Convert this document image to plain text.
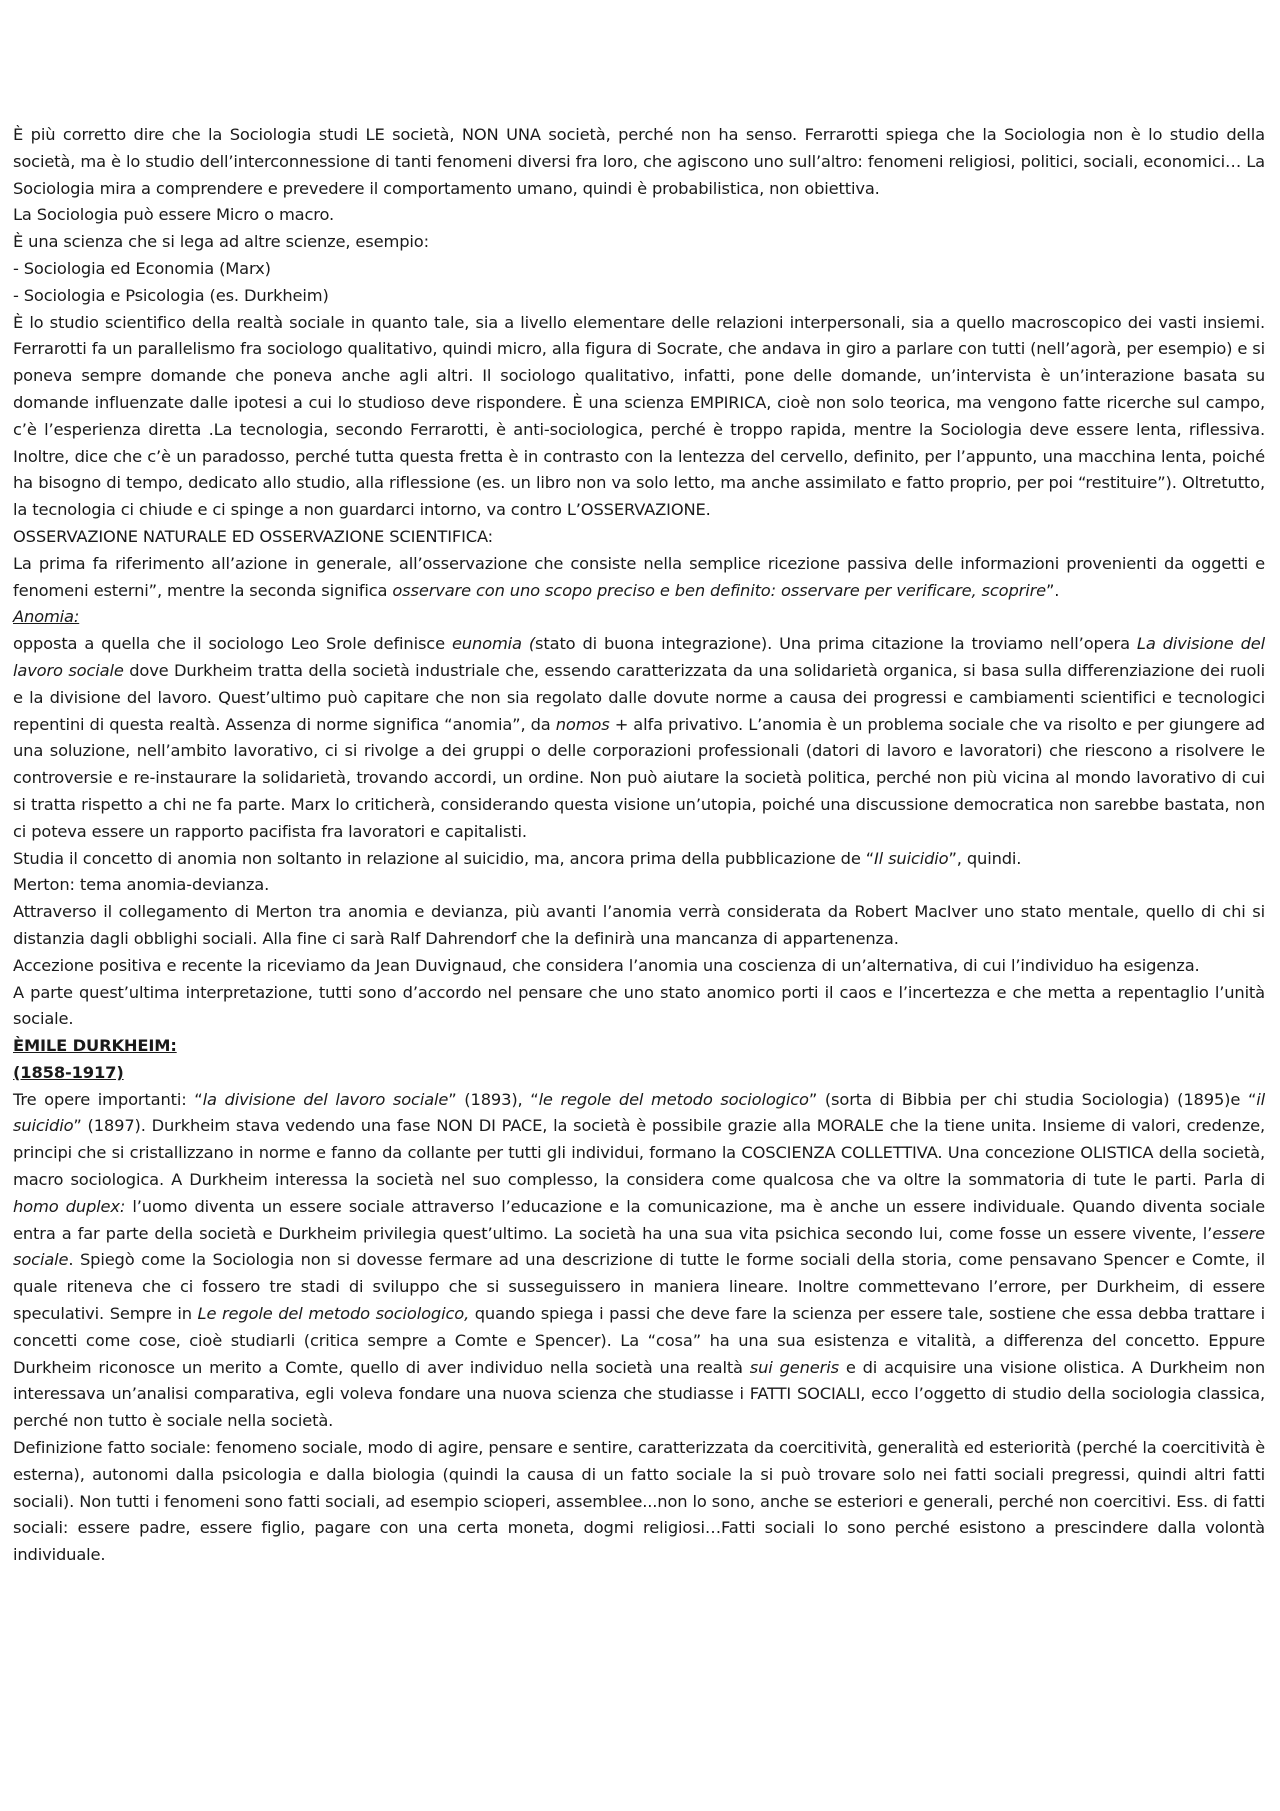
È più corretto dire che la Sociologia studi LE società, NON UNA società, perché non ha senso. Ferrarotti spiega che la Sociologia non è lo studio della società, ma è lo studio dell’interconnessione di tanti fenomeni diversi fra loro, che agiscono uno sull’altro: fenomeni religiosi, politici, sociali, economici… La Sociologia mira a comprendere e prevedere il comportamento umano, quindi è probabilistica, non obiettiva.

La Sociologia può essere Micro o macro.

È una scienza che si lega ad altre scienze, esempio:

- Sociologia ed Economia (Marx)

- Sociologia e Psicologia (es. Durkheim)

È lo studio scientifico della realtà sociale in quanto tale, sia a livello elementare delle relazioni interpersonali, sia a quello macroscopico dei vasti insiemi. Ferrarotti fa un parallelismo fra sociologo qualitativo, quindi micro, alla figura di Socrate, che andava in giro a parlare con tutti (nell’agorà, per esempio) e si poneva sempre domande che poneva anche agli altri. Il sociologo qualitativo, infatti, pone delle domande, un’intervista è un’interazione basata su domande influenzate dalle ipotesi a cui lo studioso deve rispondere. È una scienza EMPIRICA, cioè non solo teorica, ma vengono fatte ricerche sul campo, c’è l’esperienza diretta .La tecnologia, secondo Ferrarotti, è anti-sociologica, perché è troppo rapida, mentre la Sociologia deve essere lenta, riflessiva. Inoltre, dice che c’è un paradosso, perché tutta questa fretta è in contrasto con la lentezza del cervello, definito, per l’appunto, una macchina lenta, poiché ha bisogno di tempo, dedicato allo studio, alla riflessione (es. un libro non va solo letto, ma anche assimilato e fatto proprio, per poi “restituire”). Oltretutto, la tecnologia ci chiude e ci spinge a non guardarci intorno, va contro L’OSSERVAZIONE.

OSSERVAZIONE NATURALE ED OSSERVAZIONE SCIENTIFICA:

La prima fa riferimento all’azione in generale, all’osservazione che consiste nella semplice ricezione passiva delle informazioni provenienti da oggetti e fenomeni esterni”, mentre la seconda significa osservare con uno scopo preciso e ben definito: osservare per verificare, scoprire”.

Anomia:

opposta a quella che il sociologo Leo Srole definisce eunomia (stato di buona integrazione). Una prima citazione la troviamo nell’opera La divisione del lavoro sociale dove Durkheim tratta della società industriale che, essendo caratterizzata da una solidarietà organica, si basa sulla differenziazione dei ruoli e la divisione del lavoro. Quest’ultimo può capitare che non sia regolato dalle dovute norme a causa dei progressi e cambiamenti scientifici e tecnologici repentini di questa realtà. Assenza di norme significa “anomia”, da nomos + alfa privativo. L’anomia è un problema sociale che va risolto e per giungere ad una soluzione, nell’ambito lavorativo, ci si rivolge a dei gruppi o delle corporazioni professionali (datori di lavoro e lavoratori) che riescono a risolvere le controversie e re-instaurare la solidarietà, trovando accordi, un ordine. Non può aiutare la società politica, perché non più vicina al mondo lavorativo di cui si tratta rispetto a chi ne fa parte. Marx lo criticherà, considerando questa visione un’utopia, poiché una discussione democratica non sarebbe bastata, non ci poteva essere un rapporto pacifista fra lavoratori e capitalisti.

Studia il concetto di anomia non soltanto in relazione al suicidio, ma, ancora prima della pubblicazione de “Il suicidio”, quindi.

Merton: tema anomia-devianza.

Attraverso il collegamento di Merton tra anomia e devianza, più avanti l’anomia verrà considerata da Robert MacIver uno stato mentale, quello di chi si distanzia dagli obblighi sociali. Alla fine ci sarà Ralf Dahrendorf che la definirà una mancanza di appartenenza.

Accezione positiva e recente la riceviamo da Jean Duvignaud, che considera l’anomia una coscienza di un’alternativa, di cui l’individuo ha esigenza.

A parte quest’ultima interpretazione, tutti sono d’accordo nel pensare che uno stato anomico porti il caos e l’incertezza e che metta a repentaglio l’unità sociale.

ÈMILE DURKHEIM:

(1858-1917)

Tre opere importanti: “la divisione del lavoro sociale” (1893), “le regole del metodo sociologico” (sorta di Bibbia per chi studia Sociologia) (1895)e “il suicidio” (1897). Durkheim stava vedendo una fase NON DI PACE, la società è possibile grazie alla MORALE che la tiene unita. Insieme di valori, credenze, principi che si cristallizzano in norme e fanno da collante per tutti gli individui, formano la COSCIENZA COLLETTIVA. Una concezione OLISTICA della società, macro sociologica. A Durkheim interessa la società nel suo complesso, la considera come qualcosa che va oltre la sommatoria di tute le parti. Parla di homo duplex: l’uomo diventa un essere sociale attraverso l’educazione e la comunicazione, ma è anche un essere individuale. Quando diventa sociale entra a far parte della società e Durkheim privilegia quest’ultimo. La società ha una sua vita psichica secondo lui, come fosse un essere vivente, l’essere sociale. Spiegò come la Sociologia non si dovesse fermare ad una descrizione di tutte le forme sociali della storia, come pensavano Spencer e Comte, il quale riteneva che ci fossero tre stadi di sviluppo che si susseguissero in maniera lineare. Inoltre commettevano l’errore, per Durkheim, di essere speculativi. Sempre in Le regole del metodo sociologico, quando spiega i passi che deve fare la scienza per essere tale, sostiene che essa debba trattare i concetti come cose, cioè studiarli (critica sempre a Comte e Spencer). La “cosa” ha una sua esistenza e vitalità, a differenza del concetto. Eppure Durkheim riconosce un merito a Comte, quello di aver individuo nella società una realtà sui generis e di acquisire una visione olistica. A Durkheim non interessava un’analisi comparativa, egli voleva fondare una nuova scienza che studiasse i FATTI SOCIALI, ecco l’oggetto di studio della sociologia classica, perché non tutto è sociale nella società.

Definizione fatto sociale: fenomeno sociale, modo di agire, pensare e sentire, caratterizzata da coercitività, generalità ed esteriorità (perché la coercitività è esterna), autonomi dalla psicologia e dalla biologia (quindi la causa di un fatto sociale la si può trovare solo nei fatti sociali pregressi, quindi altri fatti sociali). Non tutti i fenomeni sono fatti sociali, ad esempio scioperi, assemblee...non lo sono, anche se esteriori e generali, perché non coercitivi. Ess. di fatti sociali: essere padre, essere figlio, pagare con una certa moneta, dogmi religiosi…Fatti sociali lo sono perché esistono a prescindere dalla volontà individuale.
